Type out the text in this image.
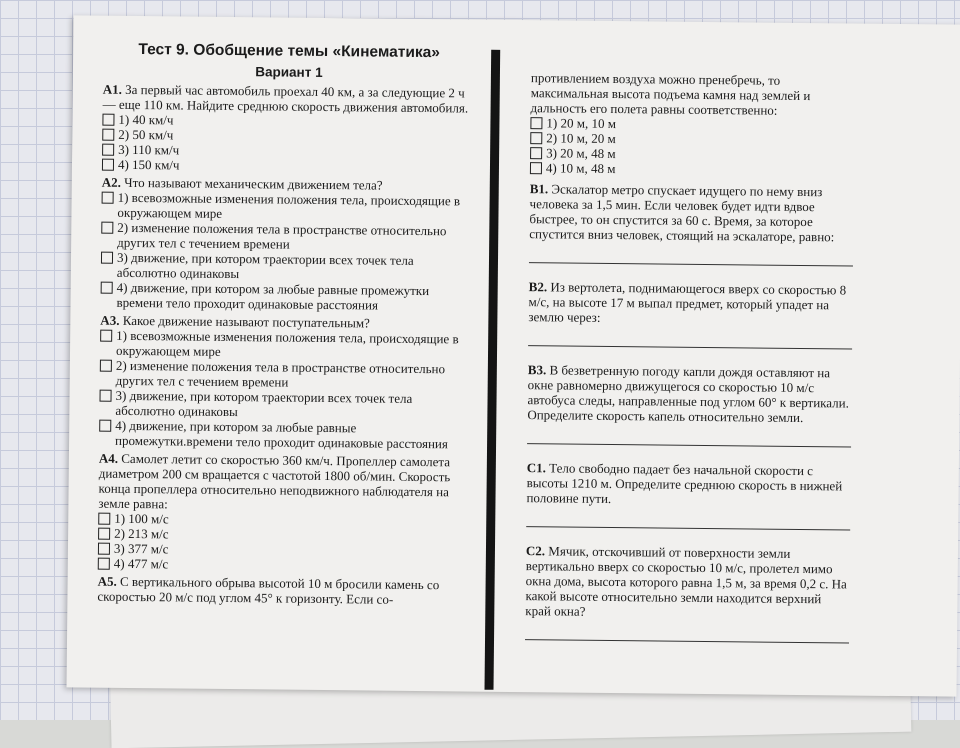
Тест 9. Обобщение темы «Кинематика»
Вариант 1
А1. За первый час автомобиль проехал 40 км, а за следующие 2 ч — еще 110 км. Найдите среднюю скорость движения автомобиля.
1) 40 км/ч
2) 50 км/ч
3) 110 км/ч
4) 150 км/ч
А2. Что называют механическим движением тела?
1) всевозможные изменения положения тела, происходящие в окружающем мире
2) изменение положения тела в пространстве относительно других тел с течением времени
3) движение, при котором траектории всех точек тела абсолютно одинаковы
4) движение, при котором за любые равные промежутки времени тело проходит одинаковые расстояния
А3. Какое движение называют поступательным?
1) всевозможные изменения положения тела, происходящие в окружающем мире
2) изменение положения тела в пространстве относительно других тел с течением времени
3) движение, при котором траектории всех точек тела абсолютно одинаковы
4) движение, при котором за любые равные промежутки.времени тело проходит одинаковые расстояния
А4. Самолет летит со скоростью 360 км/ч. Пропеллер самолета диаметром 200 см вращается с частотой 1800 об/мин. Скорость конца пропеллера относительно неподвижного наблюдателя на земле равна:
1) 100 м/с
2) 213 м/с
3) 377 м/с
4) 477 м/с
А5. С вертикального обрыва высотой 10 м бросили камень со скоростью 20 м/с под углом 45° к горизонту. Если со-
противлением воздуха можно пренебречь, то максимальная высота подъема камня над землей и дальность его полета равны соответственно:
1) 20 м, 10 м
2) 10 м, 20 м
3) 20 м, 48 м
4) 10 м, 48 м
В1. Эскалатор метро спускает идущего по нему вниз человека за 1,5 мин. Если человек будет идти вдвое быстрее, то он спустится за 60 с. Время, за которое спустится вниз человек, стоящий на эскалаторе, равно:
В2. Из вертолета, поднимающегося вверх со скоростью 8 м/с, на высоте 17 м выпал предмет, который упадет на землю через:
В3. В безветренную погоду капли дождя оставляют на окне равномерно движущегося со скоростью 10 м/с автобуса следы, направленные под углом 60° к вертикали. Определите скорость капель относительно земли.
С1. Тело свободно падает без начальной скорости с высоты 1210 м. Определите среднюю скорость в нижней половине пути.
С2. Мячик, отскочивший от поверхности земли вертикально вверх со скоростью 10 м/с, пролетел мимо окна дома, высота которого равна 1,5 м, за время 0,2 с. На какой высоте относительно земли находится верхний край окна?
